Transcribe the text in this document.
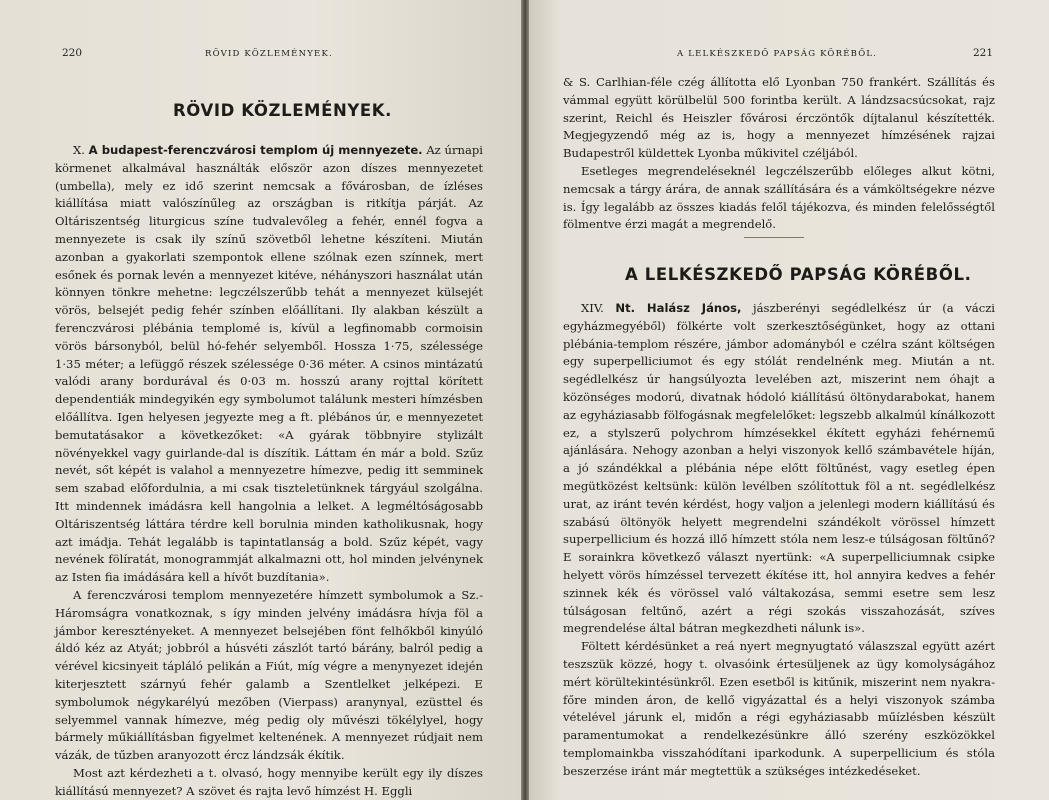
220	RÖVID KÖZLEMÉNYEK.
RÖVID KÖZLEMÉNYEK.

X. A budapest-ferenczvárosi templom új mennyezete. Az úrnapi körmenet alkalmával használták először azon díszes mennyezetet (umbella), mely ez idő szerint nemcsak a fővárosban, de ízléses kiállítása miatt valószínűleg az országban is ritkítja párját. Az Oltáriszentség liturgicus színe tudvalevőleg a fehér, ennél fogva a mennyezete is csak ily színű szövetből lehetne készíteni. Miután azonban a gyakorlati szempontok ellene szólnak ezen színnek, mert esőnek és pornak levén a mennyezet kitéve, néhányszori használat után könnyen tönkre mehetne: legczélszerűbb tehát a mennyezet külsejét vörös, belsejét pedig fehér színben előállítani. Ily alakban készült a ferenczvárosi plébánia templomé is, kívül a legfinomabb cormoisin vörös bársonyból, belül hó-fehér selyemből. Hossza 1·75, szélessége 1·35 méter; a lefüggő részek szélessége 0·36 méter. A csinos mintázatú valódi arany bordurával és 0·03 m. hosszú arany rojttal körített dependentiák mindegyikén egy symbolumot találunk mesteri hímzésben előállítva. Igen helyesen jegyezte meg a ft. plébános úr, e mennyezetet bemutatásakor a következőket: «A gyárak többnyire stylizált növényekkel vagy guirlande-dal is díszítik. Láttam én már a bold. Szűz nevét, sőt képét is valahol a mennyezetre hímezve, pedig itt semminek sem szabad előfordulnia, a mi csak tiszteletünknek tárgyául szolgálna. Itt mindennek imádásra kell hangolnia a lelket. A legméltóságosabb Oltáriszentség láttára térdre kell borulnia minden katholikusnak, hogy azt imádja. Tehát legalább is tapintatlanság a bold. Szűz képét, vagy nevének fölíratát, monogrammját alkalmazni ott, hol minden jelvénynek az Isten fia imádására kell a hívőt buzdítania».

A ferenczvárosi templom mennyezetére hímzett symbolumok a Sz.-Háromságra vonatkoznak, s így minden jelvény imádásra hívja föl a jámbor keresztényeket. A mennyezet belsejében fönt felhőkből kinyúló áldó kéz az Atyát; jobbról a húsvéti zászlót tartó bárány, balról pedig a vérével kicsinyeit tápláló pelikán a Fiút, míg végre a menynyezet idején kiterjesztett szárnyú fehér galamb a Szentlelket jelképezi. E symbolumok négykarélyú mezőben (Vierpass) aranynyal, ezüsttel és selyemmel vannak hímezve, még pedig oly művészi tökélylyel, hogy bármely műkiállításban figyelmet keltenének. A mennyezet rúdjait nem vázák, de tűzben aranyozott ércz lándzsák ékítik.

Most azt kérdezheti a t. olvasó, hogy mennyibe került egy ily díszes kiállítású mennyezet? A szövet és rajta levő hímzést H. Eggli

A LELKÉSZKEDŐ PAPSÁG KÖRÉBŐL.	221

& S. Carlhian-féle czég állította elő Lyonban 750 frankért. Szállítás és vámmal együtt körülbelül 500 forintba került. A lándzsacsúcsokat, rajz szerint, Reichl és Heiszler fővárosi érczöntők díjtalanul készítették. Megjegyzendő még az is, hogy a mennyezet hímzésének rajzai Budapestről küldettek Lyonba műkivitel czéljából.

Esetleges megrendeléseknél legczélszerűbb előleges alkut kötni, nemcsak a tárgy árára, de annak szállítására és a vámköltségekre nézve is. Így legalább az összes kiadás felől tájékozva, és minden felelősségtől fölmentve érzi magát a megrendelő.

A LELKÉSZKEDŐ PAPSÁG KÖRÉBŐL.

XIV. Nt. Halász János, jászberényi segédlelkész úr (a váczi egyházmegyéből) fölkérte volt szerkesztőségünket, hogy az ottani plébánia-templom részére, jámbor adományból e czélra szánt költségen egy superpelliciumot és egy stólát rendelnénk meg. Miután a nt. segédlelkész úr hangsúlyozta levelében azt, miszerint nem óhajt a közönséges modorú, divatnak hódoló kiállítású öltönydarabokat, hanem az egyháziasabb fölfogásnak megfelelőket: legszebb alkalmúl kínálkozott ez, a stylszerű polychrom hímzésekkel ékített egyházi fehérnemű ajánlására. Nehogy azonban a helyi viszonyok kellő számbavétele híján, a jó szándékkal a plébánia népe előtt föltűnést, vagy esetleg épen megütközést keltsünk: külön levélben szólítottuk föl a nt. segédlelkész urat, az iránt tevén kérdést, hogy valjon a jelenlegi modern kiállítású és szabású öltönyök helyett megrendelni szándékolt vörössel hímzett superpellicium és hozzá illő hímzett stóla nem lesz-e túlságosan föltűnő? E sorainkra következő választ nyertünk: «A superpelliciumnak csipke helyett vörös hímzéssel tervezett ékítése itt, hol annyira kedves a fehér szinnek kék és vörössel való váltakozása, semmi esetre sem lesz túlságosan feltűnő, azért a régi szokás visszahozását, szíves megrendelése által bátran megkezdheti nálunk is».

Föltett kérdésünket a reá nyert megnyugtató válaszszal együtt azért teszszük közzé, hogy t. olvasóink értesüljenek az ügy komolyságához mért körültekintésünkről. Ezen esetből is kitűnik, miszerint nem nyakra-főre minden áron, de kellő vigyázattal és a helyi viszonyok számba vételével járunk el, midőn a régi egyháziasabb műízlésben készült paramentumokat a rendelkezésünkre álló szerény eszközökkel templomainkba visszahódítani iparkodunk. A superpellicium és stóla beszerzése iránt már megtettük a szükséges intézkedéseket.
